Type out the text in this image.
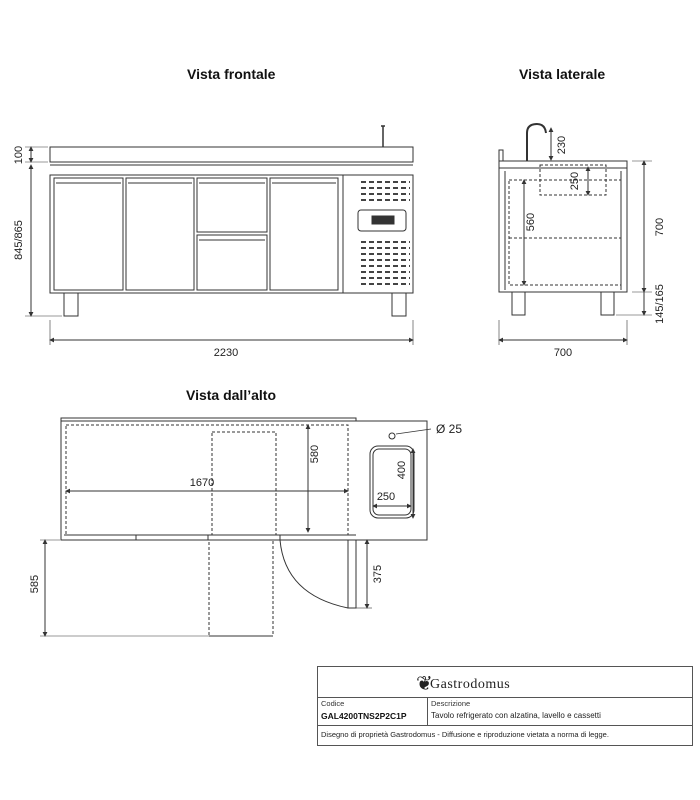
Vista frontale	Vista laterale
Vista dall’alto
100
845/865
2230
230
250
560	700
145/165
700
580
1670
Ø 25
400
250
585
375
❦
Gastrodomus
Codice
GAL4200TNS2P2C1P
Descrizione
Tavolo refrigerato con alzatina, lavello e cassetti
Disegno di proprietà Gastrodomus - Diffusione e riproduzione vietata a norma di legge.
